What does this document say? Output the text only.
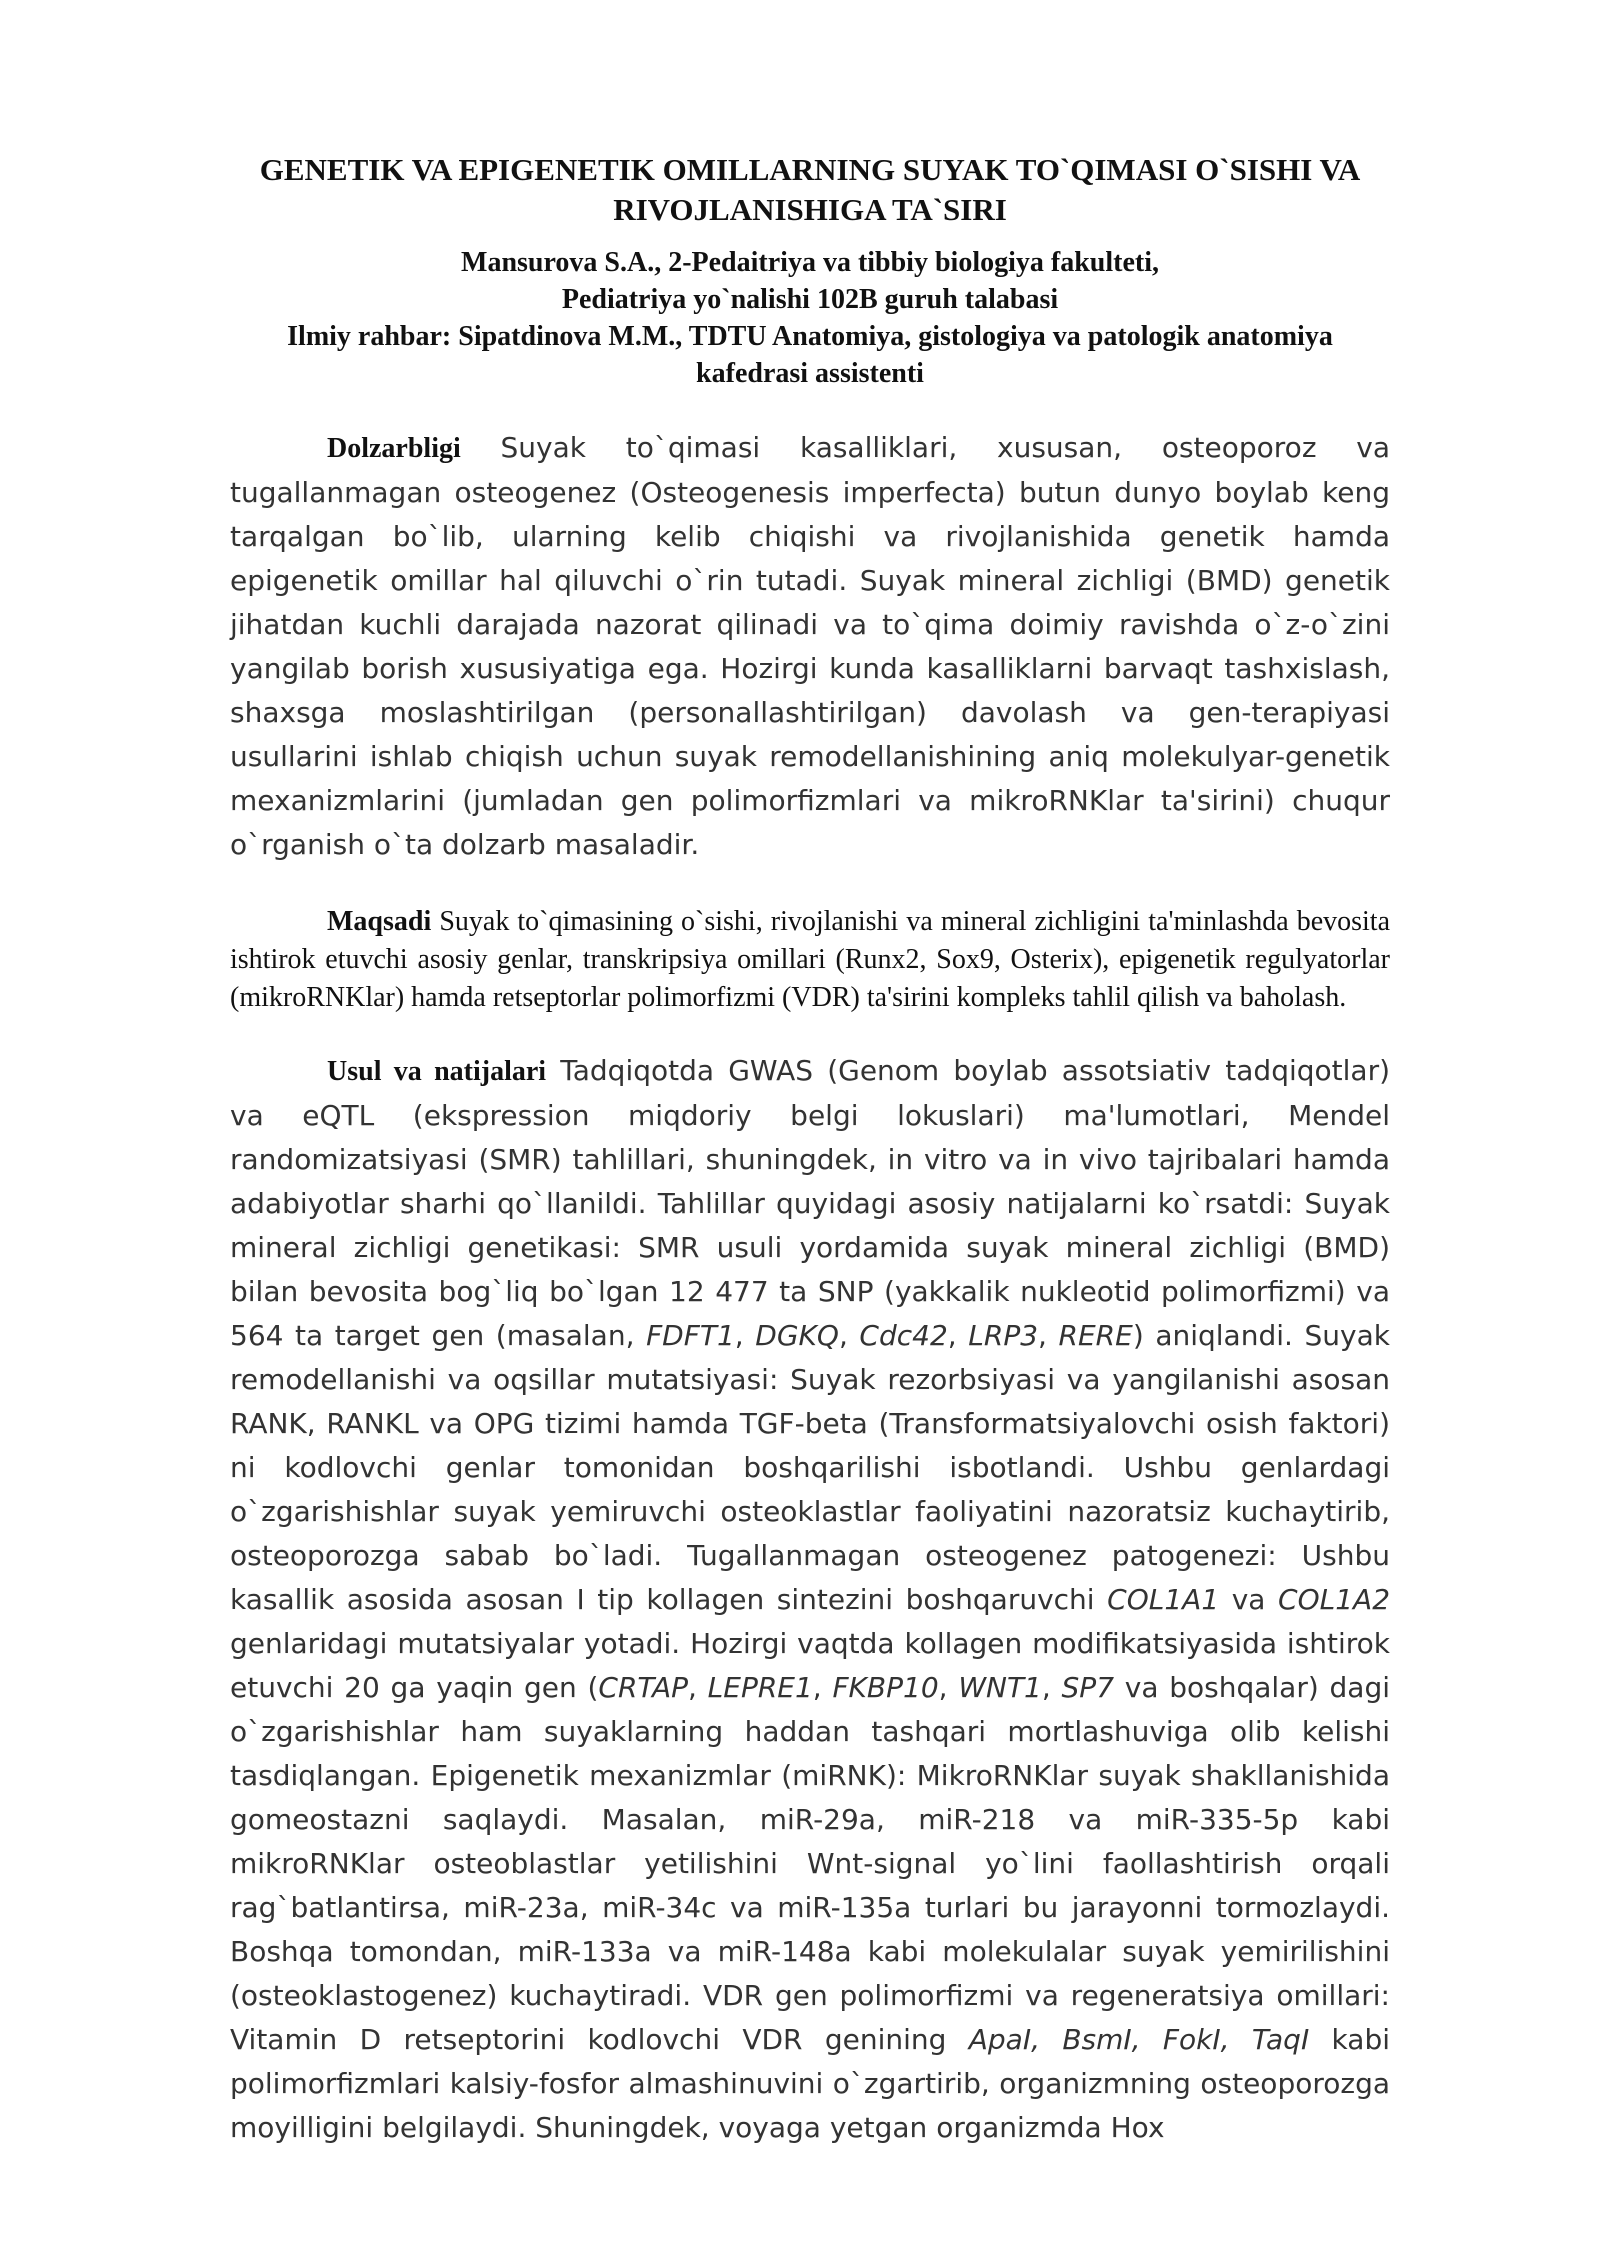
GENETIK VA EPIGENETIK OMILLARNING SUYAK TO`QIMASI O`SISHI VA
RIVOJLANISHIGA TA`SIRI
Mansurova S.A., 2-Pedaitriya va tibbiy biologiya fakulteti,
Pediatriya yo`nalishi 102B guruh talabasi
Ilmiy rahbar: Sipatdinova M.M., TDTU Anatomiya, gistologiya va patologik anatomiya
kafedrasi assistenti

Dolzarbligi Suyak to`qimasi kasalliklari, xususan, osteoporoz va tugallanmagan osteogenez (Osteogenesis imperfecta) butun dunyo boylab keng tarqalgan bo`lib, ularning kelib chiqishi va rivojlanishida genetik hamda epigenetik omillar hal qiluvchi o`rin tutadi. Suyak mineral zichligi (BMD) genetik jihatdan kuchli darajada nazorat qilinadi va to`qima doimiy ravishda o`z-o`zini yangilab borish xususiyatiga ega. Hozirgi kunda kasalliklarni barvaqt tashxislash, shaxsga moslashtirilgan (personallashtirilgan) davolash va gen-terapiyasi usullarini ishlab chiqish uchun suyak remodellanishining aniq molekulyar-genetik mexanizmlarini (jumladan gen polimorfizmlari va mikroRNKlar ta'sirini) chuqur o`rganish o`ta dolzarb masaladir.

Maqsadi Suyak to`qimasining o`sishi, rivojlanishi va mineral zichligini ta'minlashda bevosita ishtirok etuvchi asosiy genlar, transkripsiya omillari (Runx2, Sox9, Osterix), epigenetik regulyatorlar (mikroRNKlar) hamda retseptorlar polimorfizmi (VDR) ta'sirini kompleks tahlil qilish va baholash.

Usul va natijalari Tadqiqotda GWAS (Genom boylab assotsiativ tadqiqotlar) va eQTL (ekspression miqdoriy belgi lokuslari) ma'lumotlari, Mendel randomizatsiyasi (SMR) tahlillari, shuningdek, in vitro va in vivo tajribalari hamda adabiyotlar sharhi qo`llanildi. Tahlillar quyidagi asosiy natijalarni ko`rsatdi: Suyak mineral zichligi genetikasi: SMR usuli yordamida suyak mineral zichligi (BMD) bilan bevosita bog`liq bo`lgan 12 477 ta SNP (yakkalik nukleotid polimorfizmi) va 564 ta target gen (masalan, FDFT1, DGKQ, Cdc42, LRP3, RERE) aniqlandi. Suyak remodellanishi va oqsillar mutatsiyasi: Suyak rezorbsiyasi va yangilanishi asosan RANK, RANKL va OPG tizimi hamda TGF-beta (Transformatsiyalovchi osish faktori) ni kodlovchi genlar tomonidan boshqarilishi isbotlandi. Ushbu genlardagi o`zgarishishlar suyak yemiruvchi osteoklastlar faoliyatini nazoratsiz kuchaytirib, osteoporozga sabab bo`ladi. Tugallanmagan osteogenez patogenezi: Ushbu kasallik asosida asosan I tip kollagen sintezini boshqaruvchi COL1A1 va COL1A2 genlaridagi mutatsiyalar yotadi. Hozirgi vaqtda kollagen modifikatsiyasida ishtirok etuvchi 20 ga yaqin gen (CRTAP, LEPRE1, FKBP10, WNT1, SP7 va boshqalar) dagi o`zgarishishlar ham suyaklarning haddan tashqari mortlashuviga olib kelishi tasdiqlangan. Epigenetik mexanizmlar (miRNK): MikroRNKlar suyak shakllanishida gomeostazni saqlaydi. Masalan, miR-29a, miR-218 va miR-335-5p kabi mikroRNKlar osteoblastlar yetilishini Wnt-signal yo`lini faollashtirish orqali rag`batlantirsa, miR-23a, miR-34c va miR-135a turlari bu jarayonni tormozlaydi. Boshqa tomondan, miR-133a va miR-148a kabi molekulalar suyak yemirilishini (osteoklastogenez) kuchaytiradi. VDR gen polimorfizmi va regeneratsiya omillari: Vitamin D retseptorini kodlovchi VDR genining ApaI, BsmI, FokI, TaqI kabi polimorfizmlari kalsiy-fosfor almashinuvini o`zgartirib, organizmning osteoporozga moyilligini belgilaydi. Shuningdek, voyaga yetgan organizmda Hox
